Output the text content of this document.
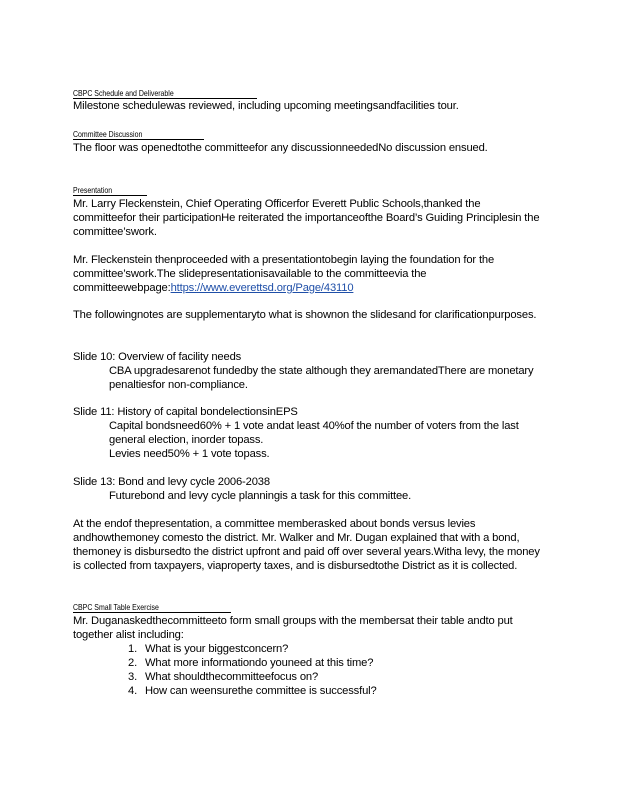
CBPC Schedule and Deliverable

Milestone schedulewas reviewed, including upcoming meetingsandfacilities tour.

Committee Discussion

The floor was openedtothe committeefor any discussionneededNo discussion ensued.

Presentation

Mr. Larry Fleckenstein, Chief Operating Officerfor Everett Public Schools,thanked the committeefor their participationHe reiterated the importanceofthe Board’s Guiding Principlesin the committee’swork.

Mr. Fleckenstein thenproceeded with a presentationtobegin laying the foundation for the committee’swork.The slidepresentationisavailable to the committeevia the committeewebpage:https://www.everettsd.org/Page/43110

The followingnotes are supplementaryto what is shownon the slidesand for clarificationpurposes.

Slide 10: Overview of facility needs

CBA upgradesarenot fundedby the state although they aremandatedThere are monetary penaltiesfor non-compliance.

Slide 11: History of capital bondelectionsinEPS

Capital bondsneed60% + 1 vote andat least 40%of the number of voters from the last general election, inorder topass.

Levies need50% + 1 vote topass.

Slide 13: Bond and levy cycle 2006-2038

Futurebond and levy cycle planningis a task for this committee.

At the endof thepresentation, a committee memberasked about bonds versus levies andhowthemoney comesto the district. Mr. Walker and Mr. Dugan explained that with a bond, themoney is disbursedto the district upfront and paid off over several years.Witha levy, the money is collected from taxpayers, viaproperty taxes, and is disbursedtothe District as it is collected.

CBPC Small Table Exercise

Mr. Duganaskedthecommitteeto form small groups with the membersat their table andto put together alist including:

1. What is your biggestconcern?
2. What more informationdo youneed at this time?
3. What shouldthecommitteefocus on?
4. How can weensurethe committee is successful?
